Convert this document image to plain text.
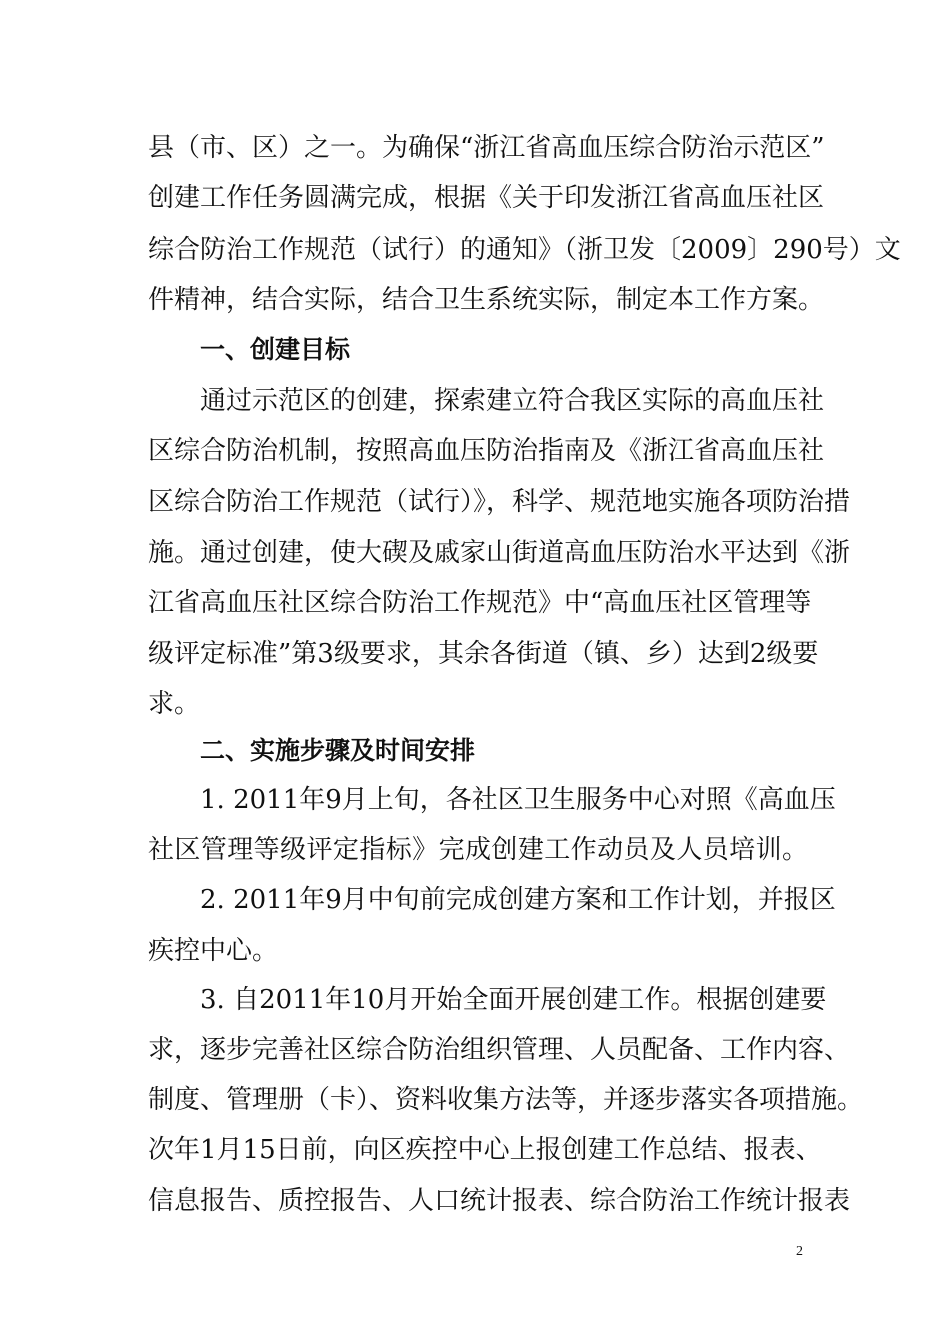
县（市、区）之一。为确保“浙江省高血压综合防治示范区”
创建工作任务圆满完成，根据《关于印发浙江省高血压社区
综合防治工作规范（试行）的通知》（浙卫发〔2009〕290号）文
件精神，结合实际，结合卫生系统实际，制定本工作方案。
一、创建目标
通过示范区的创建，探索建立符合我区实际的高血压社
区综合防治机制，按照高血压防治指南及《浙江省高血压社
区综合防治工作规范（试行）》，科学、规范地实施各项防治措
施。通过创建，使大碶及戚家山街道高血压防治水平达到《浙
江省高血压社区综合防治工作规范》中“高血压社区管理等
级评定标准”第3级要求，其余各街道（镇、乡）达到2级要
求。
二、实施步骤及时间安排
1. 2011年9月上旬，各社区卫生服务中心对照《高血压
社区管理等级评定指标》完成创建工作动员及人员培训。
2. 2011年9月中旬前完成创建方案和工作计划，并报区
疾控中心。
3. 自2011年10月开始全面开展创建工作。根据创建要
求，逐步完善社区综合防治组织管理、人员配备、工作内容、
制度、管理册（卡）、资料收集方法等，并逐步落实各项措施。
次年1月15日前，向区疾控中心上报创建工作总结、报表、
信息报告、质控报告、人口统计报表、综合防治工作统计报表
2
